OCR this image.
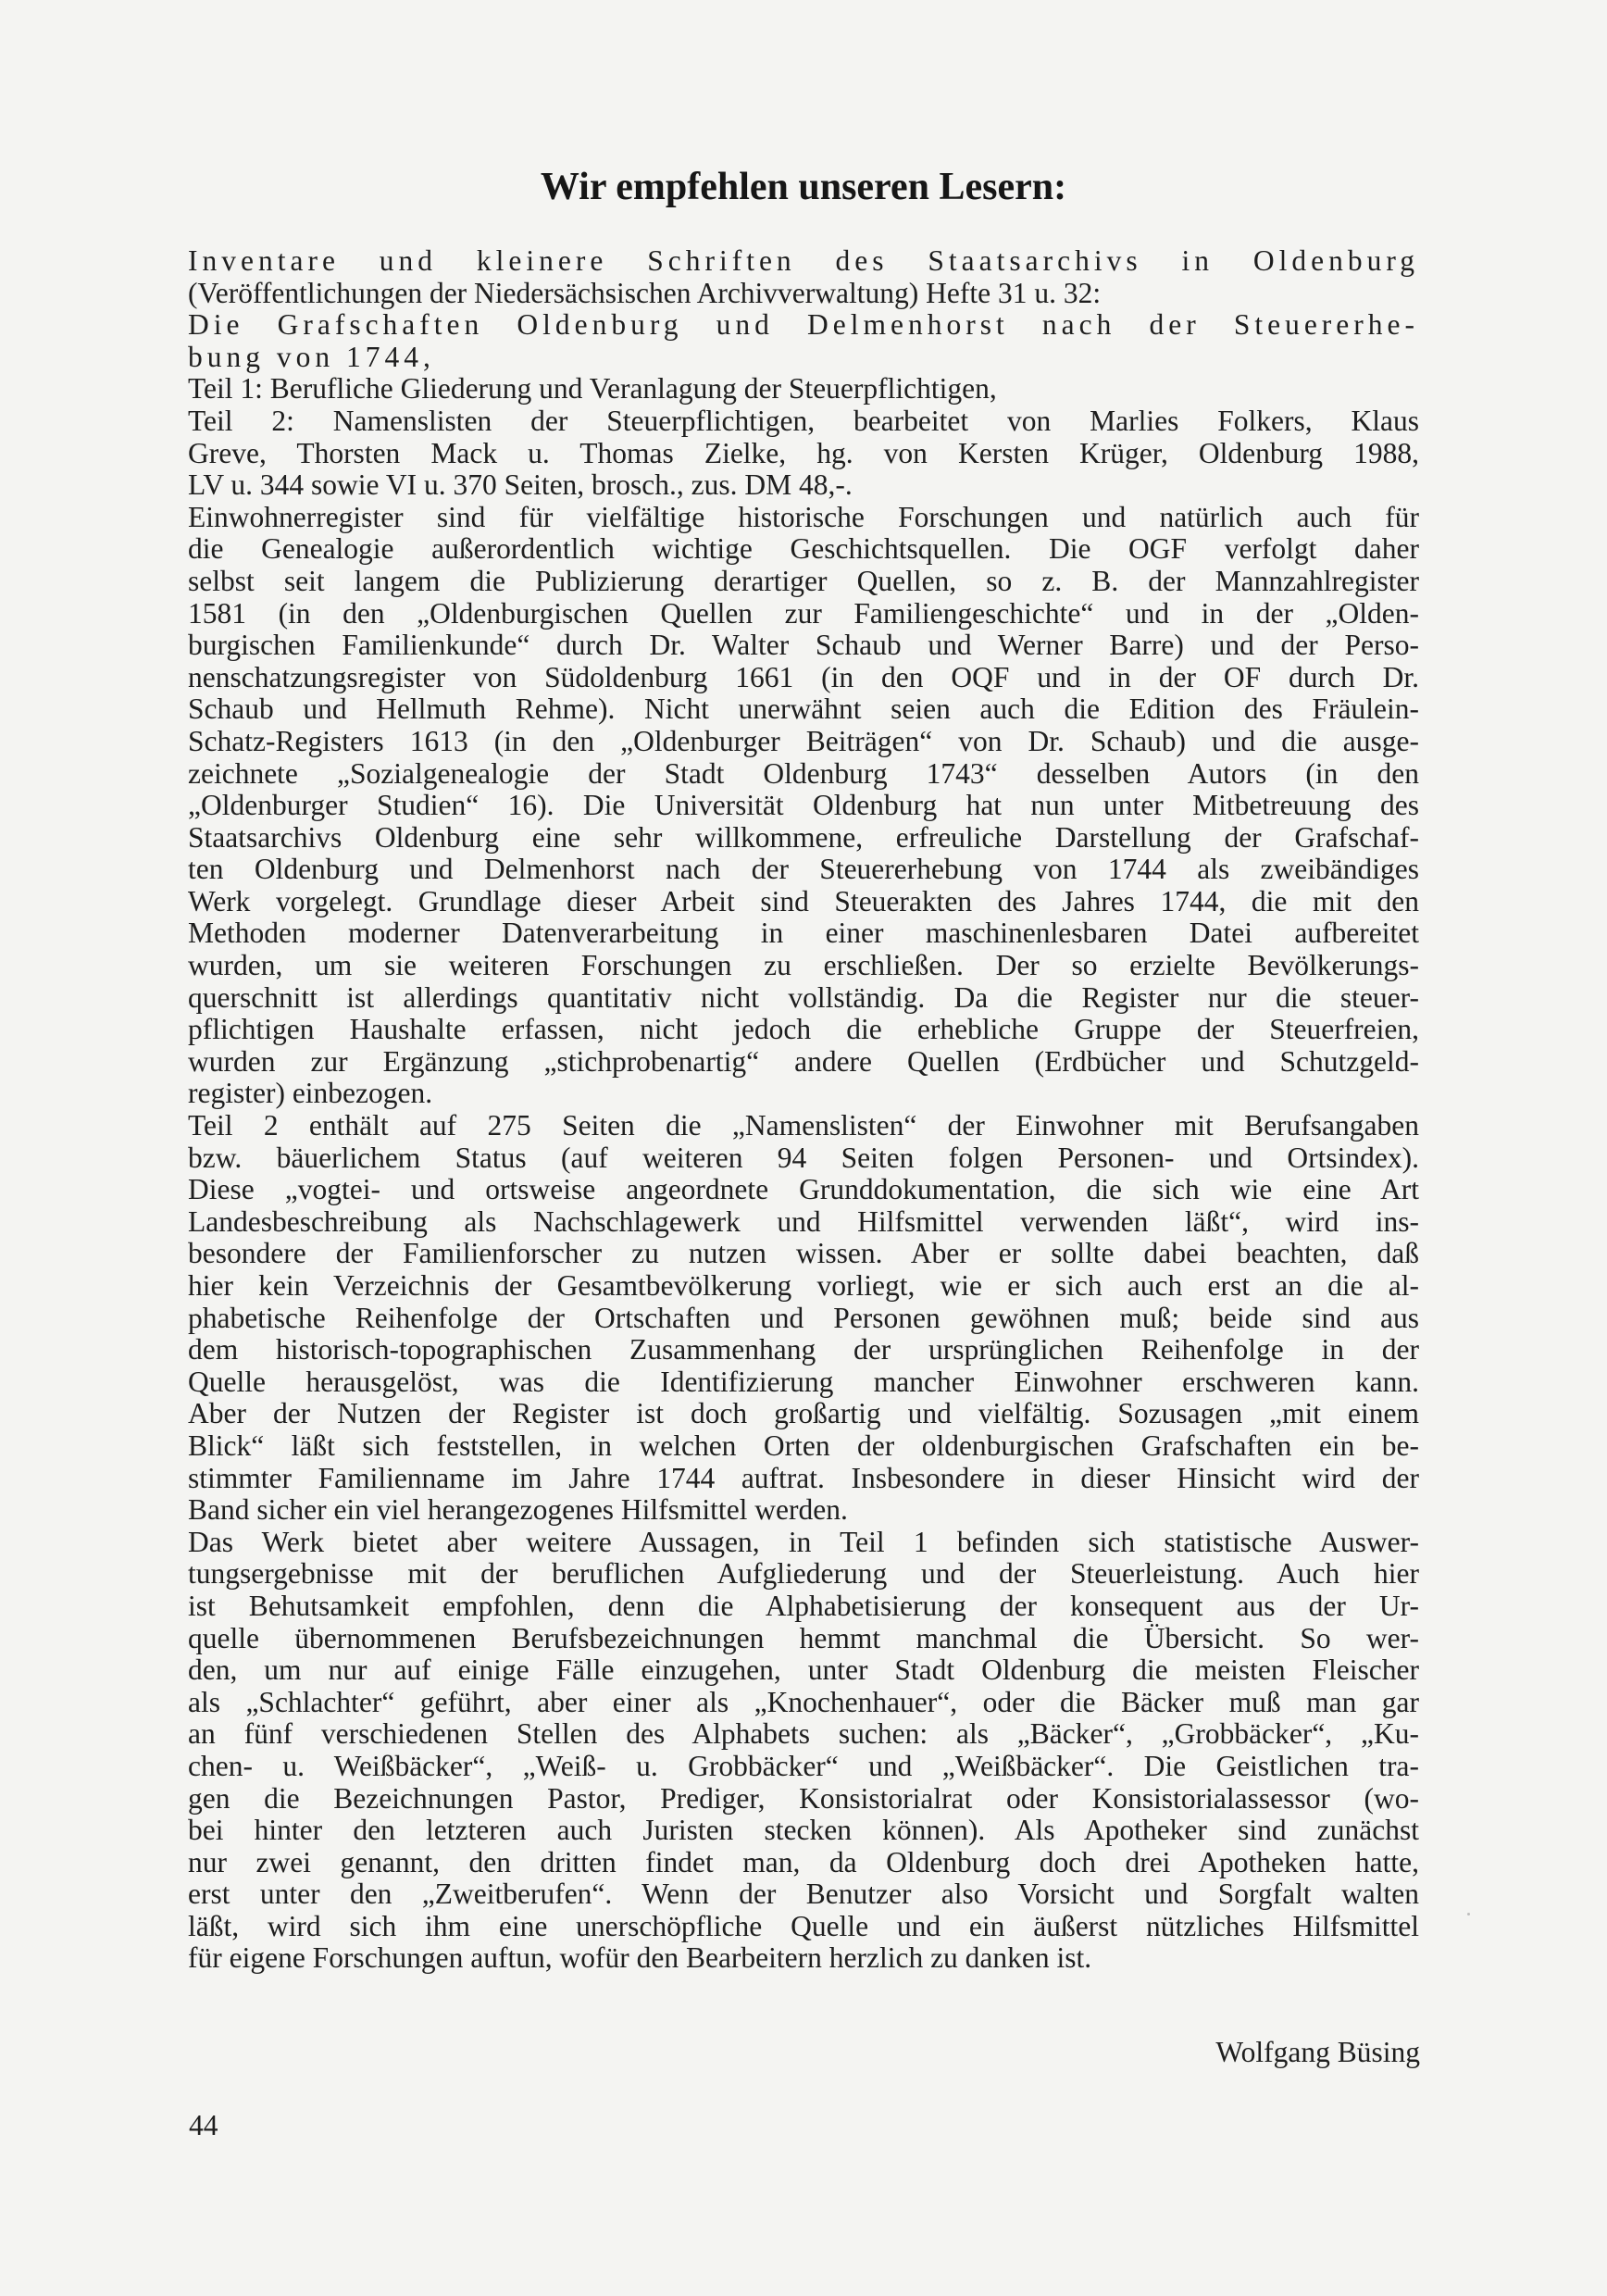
Wir empfehlen unseren Lesern:
Inventare und kleinere Schriften des Staatsarchivs in Oldenburg
(Veröffentlichungen der Niedersächsischen Archivverwaltung) Hefte 31 u. 32:
Die Grafschaften Oldenburg und Delmenhorst nach der Steuererhe-
bung von 1744,
Teil 1: Berufliche Gliederung und Veranlagung der Steuerpflichtigen,
Teil 2: Namenslisten der Steuerpflichtigen, bearbeitet von Marlies Folkers, Klaus
Greve, Thorsten Mack u. Thomas Zielke, hg. von Kersten Krüger, Oldenburg 1988,
LV u. 344 sowie VI u. 370 Seiten, brosch., zus. DM 48,-.
Einwohnerregister sind für vielfältige historische Forschungen und natürlich auch für
die Genealogie außerordentlich wichtige Geschichtsquellen. Die OGF verfolgt daher
selbst seit langem die Publizierung derartiger Quellen, so z. B. der Mannzahlregister
1581 (in den „Oldenburgischen Quellen zur Familiengeschichte“ und in der „Olden-
burgischen Familienkunde“ durch Dr. Walter Schaub und Werner Barre) und der Perso-
nenschatzungsregister von Südoldenburg 1661 (in den OQF und in der OF durch Dr.
Schaub und Hellmuth Rehme). Nicht unerwähnt seien auch die Edition des Fräulein-
Schatz-Registers 1613 (in den „Oldenburger Beiträgen“ von Dr. Schaub) und die ausge-
zeichnete „Sozialgenealogie der Stadt Oldenburg 1743“ desselben Autors (in den
„Oldenburger Studien“ 16). Die Universität Oldenburg hat nun unter Mitbetreuung des
Staatsarchivs Oldenburg eine sehr willkommene, erfreuliche Darstellung der Grafschaf-
ten Oldenburg und Delmenhorst nach der Steuererhebung von 1744 als zweibändiges
Werk vorgelegt. Grundlage dieser Arbeit sind Steuerakten des Jahres 1744, die mit den
Methoden moderner Datenverarbeitung in einer maschinenlesbaren Datei aufbereitet
wurden, um sie weiteren Forschungen zu erschließen. Der so erzielte Bevölkerungs-
querschnitt ist allerdings quantitativ nicht vollständig. Da die Register nur die steuer-
pflichtigen Haushalte erfassen, nicht jedoch die erhebliche Gruppe der Steuerfreien,
wurden zur Ergänzung „stichprobenartig“ andere Quellen (Erdbücher und Schutzgeld-
register) einbezogen.
Teil 2 enthält auf 275 Seiten die „Namenslisten“ der Einwohner mit Berufsangaben
bzw. bäuerlichem Status (auf weiteren 94 Seiten folgen Personen- und Ortsindex).
Diese „vogtei- und ortsweise angeordnete Grunddokumentation, die sich wie eine Art
Landesbeschreibung als Nachschlagewerk und Hilfsmittel verwenden läßt“, wird ins-
besondere der Familienforscher zu nutzen wissen. Aber er sollte dabei beachten, daß
hier kein Verzeichnis der Gesamtbevölkerung vorliegt, wie er sich auch erst an die al-
phabetische Reihenfolge der Ortschaften und Personen gewöhnen muß; beide sind aus
dem historisch-topographischen Zusammenhang der ursprünglichen Reihenfolge in der
Quelle herausgelöst, was die Identifizierung mancher Einwohner erschweren kann.
Aber der Nutzen der Register ist doch großartig und vielfältig. Sozusagen „mit einem
Blick“ läßt sich feststellen, in welchen Orten der oldenburgischen Grafschaften ein be-
stimmter Familienname im Jahre 1744 auftrat. Insbesondere in dieser Hinsicht wird der
Band sicher ein viel herangezogenes Hilfsmittel werden.
Das Werk bietet aber weitere Aussagen, in Teil 1 befinden sich statistische Auswer-
tungsergebnisse mit der beruflichen Aufgliederung und der Steuerleistung. Auch hier
ist Behutsamkeit empfohlen, denn die Alphabetisierung der konsequent aus der Ur-
quelle übernommenen Berufsbezeichnungen hemmt manchmal die Übersicht. So wer-
den, um nur auf einige Fälle einzugehen, unter Stadt Oldenburg die meisten Fleischer
als „Schlachter“ geführt, aber einer als „Knochenhauer“, oder die Bäcker muß man gar
an fünf verschiedenen Stellen des Alphabets suchen: als „Bäcker“, „Grobbäcker“, „Ku-
chen- u. Weißbäcker“, „Weiß- u. Grobbäcker“ und „Weißbäcker“. Die Geistlichen tra-
gen die Bezeichnungen Pastor, Prediger, Konsistorialrat oder Konsistorialassessor (wo-
bei hinter den letzteren auch Juristen stecken können). Als Apotheker sind zunächst
nur zwei genannt, den dritten findet man, da Oldenburg doch drei Apotheken hatte,
erst unter den „Zweitberufen“. Wenn der Benutzer also Vorsicht und Sorgfalt walten
läßt, wird sich ihm eine unerschöpfliche Quelle und ein äußerst nützliches Hilfsmittel
für eigene Forschungen auftun, wofür den Bearbeitern herzlich zu danken ist.

Wolfgang Büsing

44
